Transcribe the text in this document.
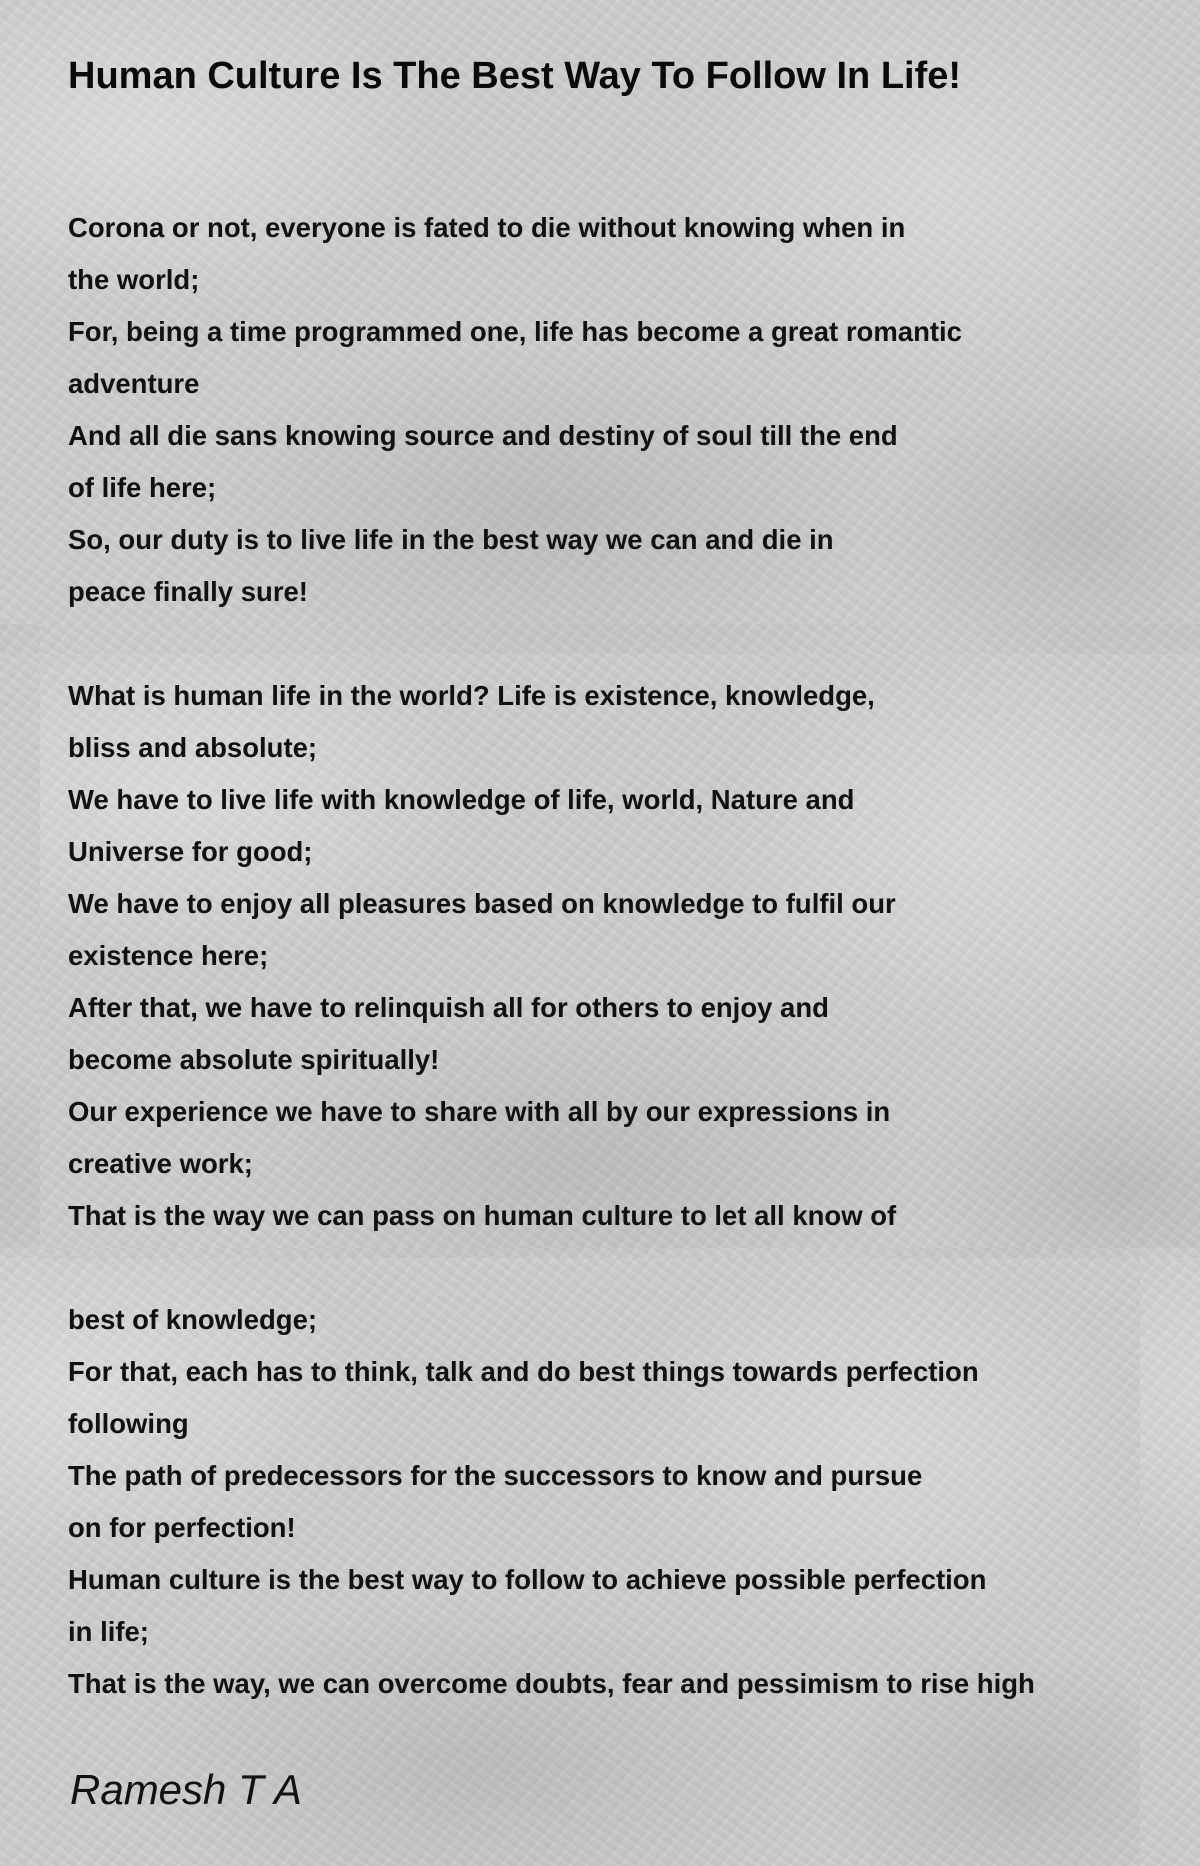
Human Culture Is The Best Way To Follow In Life!
Corona or not, everyone is fated to die without knowing when in
the world;
For, being a time programmed one, life has become a great romantic
adventure
And all die sans knowing source and destiny of soul till the end
of life here;
So, our duty is to live life in the best way we can and die in
peace finally sure!
What is human life in the world? Life is existence, knowledge,
bliss and absolute;
We have to live life with knowledge of life, world, Nature and
Universe for good;
We have to enjoy all pleasures based on knowledge to fulfil our
existence here;
After that, we have to relinquish all for others to enjoy and
become absolute spiritually!
Our experience we have to share with all by our expressions in
creative work;
That is the way we can pass on human culture to let all know of
best of knowledge;
For that, each has to think, talk and do best things towards perfection
following
The path of predecessors for the successors to know and pursue
on for perfection!
Human culture is the best way to follow to achieve possible perfection
in life;
That is the way, we can overcome doubts, fear and pessimism to rise high
Ramesh T A
